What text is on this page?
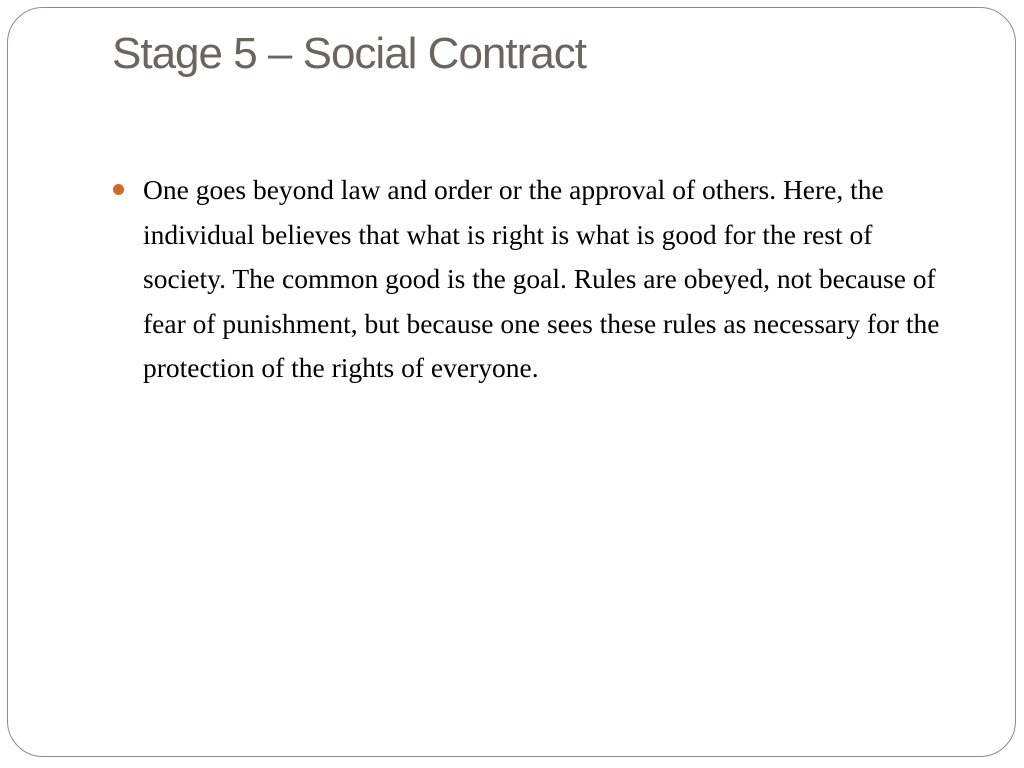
Stage 5 – Social Contract

One goes beyond law and order or the approval of others. Here, the individual believes that what is right is what is good for the rest of society. The common good is the goal. Rules are obeyed, not because of fear of punishment, but because one sees these rules as necessary for the protection of the rights of everyone.
